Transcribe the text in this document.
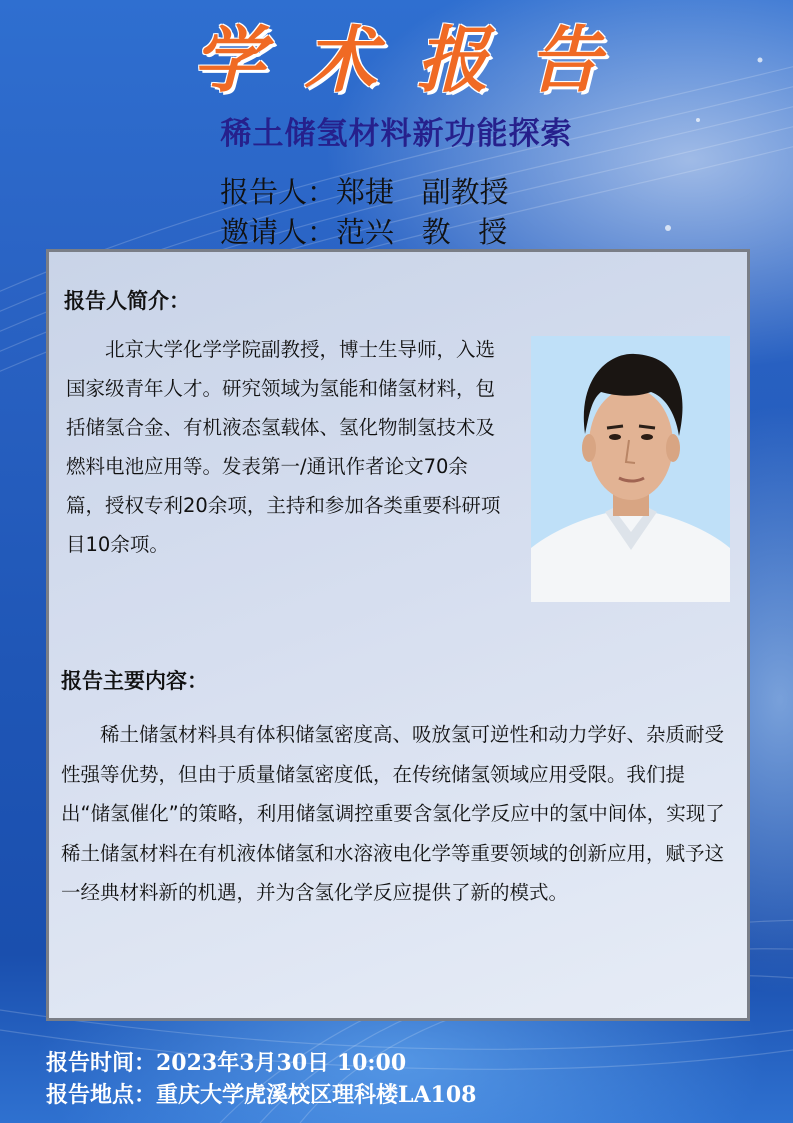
学 术 报 告
稀土储氢材料新功能探索
报告人：郑捷   副教授
邀请人：范兴   教   授
报告人简介：

北京大学化学学院副教授，博士生导师，入选国家级青年人才。研究领域为氢能和储氢材料，包括储氢合金、有机液态氢载体、氢化物制氢技术及燃料电池应用等。发表第一/通讯作者论文70余篇，授权专利20余项，主持和参加各类重要科研项目10余项。

报告主要内容：

稀土储氢材料具有体积储氢密度高、吸放氢可逆性和动力学好、杂质耐受性强等优势，但由于质量储氢密度低，在传统储氢领域应用受限。我们提出“储氢催化”的策略，利用储氢调控重要含氢化学反应中的氢中间体，实现了稀土储氢材料在有机液体储氢和水溶液电化学等重要领域的创新应用，赋予这一经典材料新的机遇，并为含氢化学反应提供了新的模式。

报告时间：2023年3月30日 10:00
报告地点：重庆大学虎溪校区理科楼LA108
